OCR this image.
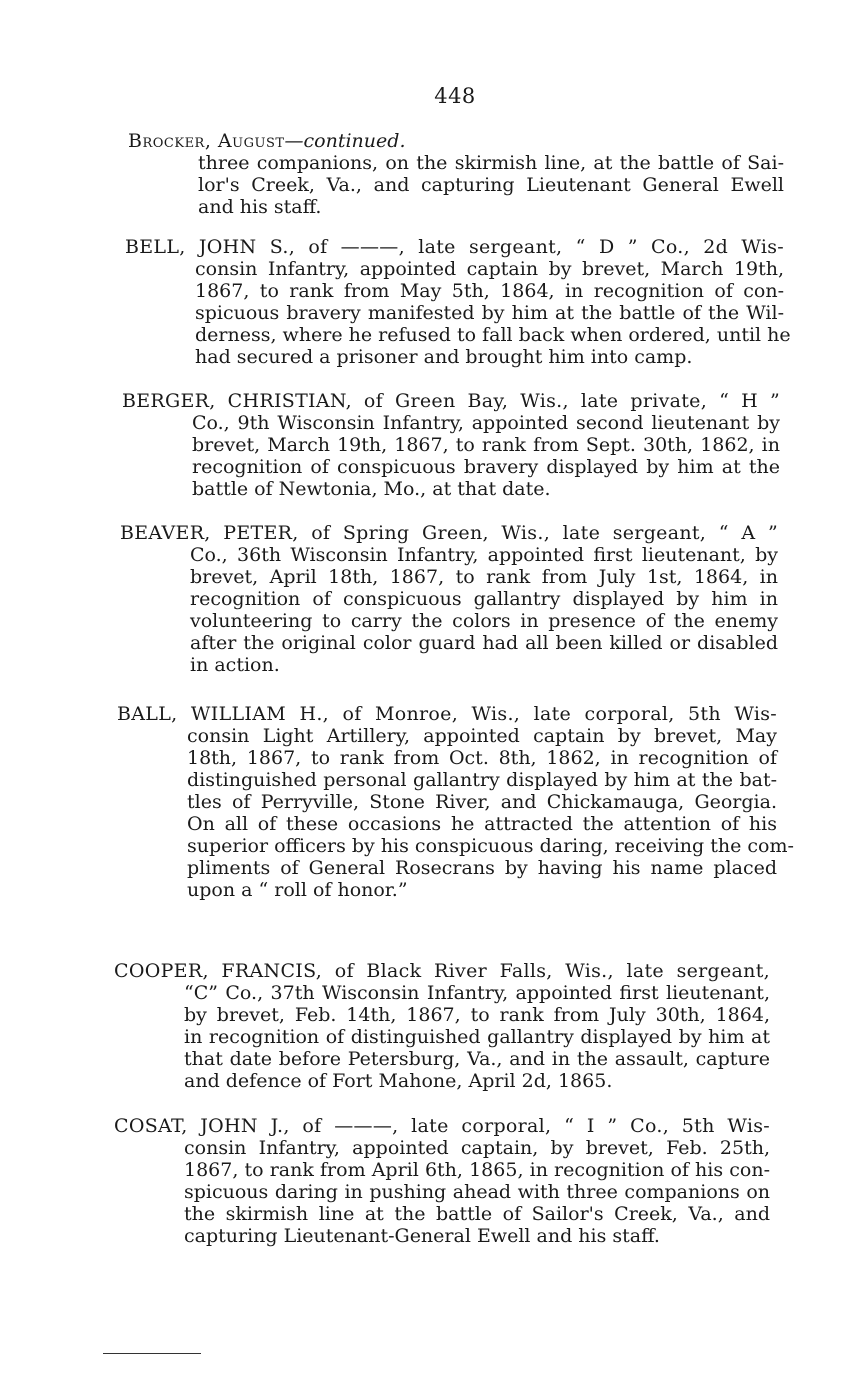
448
Brocker, August—continued.
three companions, on the skirmish line, at the battle of Sai-
lor's Creek, Va., and capturing Lieutenant General Ewell
and his staff.
BELL, JOHN S., of ———, late sergeant, “ D ” Co., 2d Wis-
consin Infantry, appointed captain by brevet, March 19th,
1867, to rank from May 5th, 1864, in recognition of con-
spicuous bravery manifested by him at the battle of the Wil-
derness, where he refused to fall back when ordered, until he
had secured a prisoner and brought him into camp.
BERGER, CHRISTIAN, of Green Bay, Wis., late private, “ H ”
Co., 9th Wisconsin Infantry, appointed second lieutenant by
brevet, March 19th, 1867, to rank from Sept. 30th, 1862, in
recognition of conspicuous bravery displayed by him at the
battle of Newtonia, Mo., at that date.
BEAVER, PETER, of Spring Green, Wis., late sergeant, “ A ”
Co., 36th Wisconsin Infantry, appointed first lieutenant, by
brevet, April 18th, 1867, to rank from July 1st, 1864, in
recognition of conspicuous gallantry displayed by him in
volunteering to carry the colors in presence of the enemy
after the original color guard had all been killed or disabled
in action.
BALL, WILLIAM H., of Monroe, Wis., late corporal, 5th Wis-
consin Light Artillery, appointed captain by brevet, May
18th, 1867, to rank from Oct. 8th, 1862, in recognition of
distinguished personal gallantry displayed by him at the bat-
tles of Perryville, Stone River, and Chickamauga, Georgia.
On all of these occasions he attracted the attention of his
superior officers by his conspicuous daring, receiving the com-
pliments of General Rosecrans by having his name placed
upon a “ roll of honor.”
COOPER, FRANCIS, of Black River Falls, Wis., late sergeant,
“C” Co., 37th Wisconsin Infantry, appointed first lieutenant,
by brevet, Feb. 14th, 1867, to rank from July 30th, 1864,
in recognition of distinguished gallantry displayed by him at
that date before Petersburg, Va., and in the assault, capture
and defence of Fort Mahone, April 2d, 1865.
COSAT, JOHN J., of ———, late corporal, “ I ” Co., 5th Wis-
consin Infantry, appointed captain, by brevet, Feb. 25th,
1867, to rank from April 6th, 1865, in recognition of his con-
spicuous daring in pushing ahead with three companions on
the skirmish line at the battle of Sailor's Creek, Va., and
capturing Lieutenant-General Ewell and his staff.
